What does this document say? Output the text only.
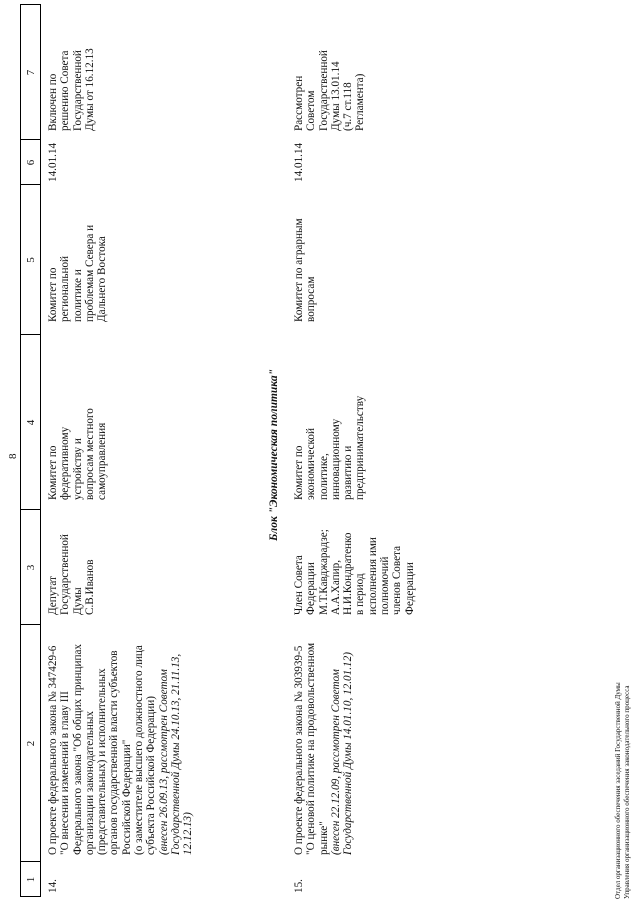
8
1
2
3
4
5
6
7
14.
О проекте федерального закона № 347429-6 "О внесении изменений в главу III Федерального закона "Об общих принципах организации законодательных (представительных) и исполнительных органов государственной власти субъектов Российской Федерации" (о заместителе высшего должностного лица субъекта Российской Федерации) (внесен 26.09.13, рассмотрен Советом Государственной Думы 24.10.13, 21.11.13, 12.12.13)
Депутат Государственной Думы С.В.Иванов
Комитет по федеративному устройству и вопросам местного самоуправления
Комитет по региональной политике и проблемам Севера и Дальнего Востока
14.01.14
Включен по решению Совета Государственной Думы от 16.12.13
Блок "Экономическая политика"
15.
О проекте федерального закона № 303939-5 "О ценовой политике на продовольственном рынке" (внесен 22.12.09, рассмотрен Советом Государственной Думы 14.01.10, 12.01.12)
Член Совета Федерации М.Т.Кавджарадзе; А.А.Хапир, Н.И.Кондратенко в период исполнения ими полномочий членов Совета Федерации
Комитет по экономической политике, инновационному развитию и предпринимательству
Комитет по аграрным вопросам
14.01.14
Рассмотрен Советом Государственной Думы 13.01.14 (ч.7 ст.118 Регламента)
Отдел организационного обеспечения заседаний Государственной Думы Управления организационного обеспечения законодательного процесса
